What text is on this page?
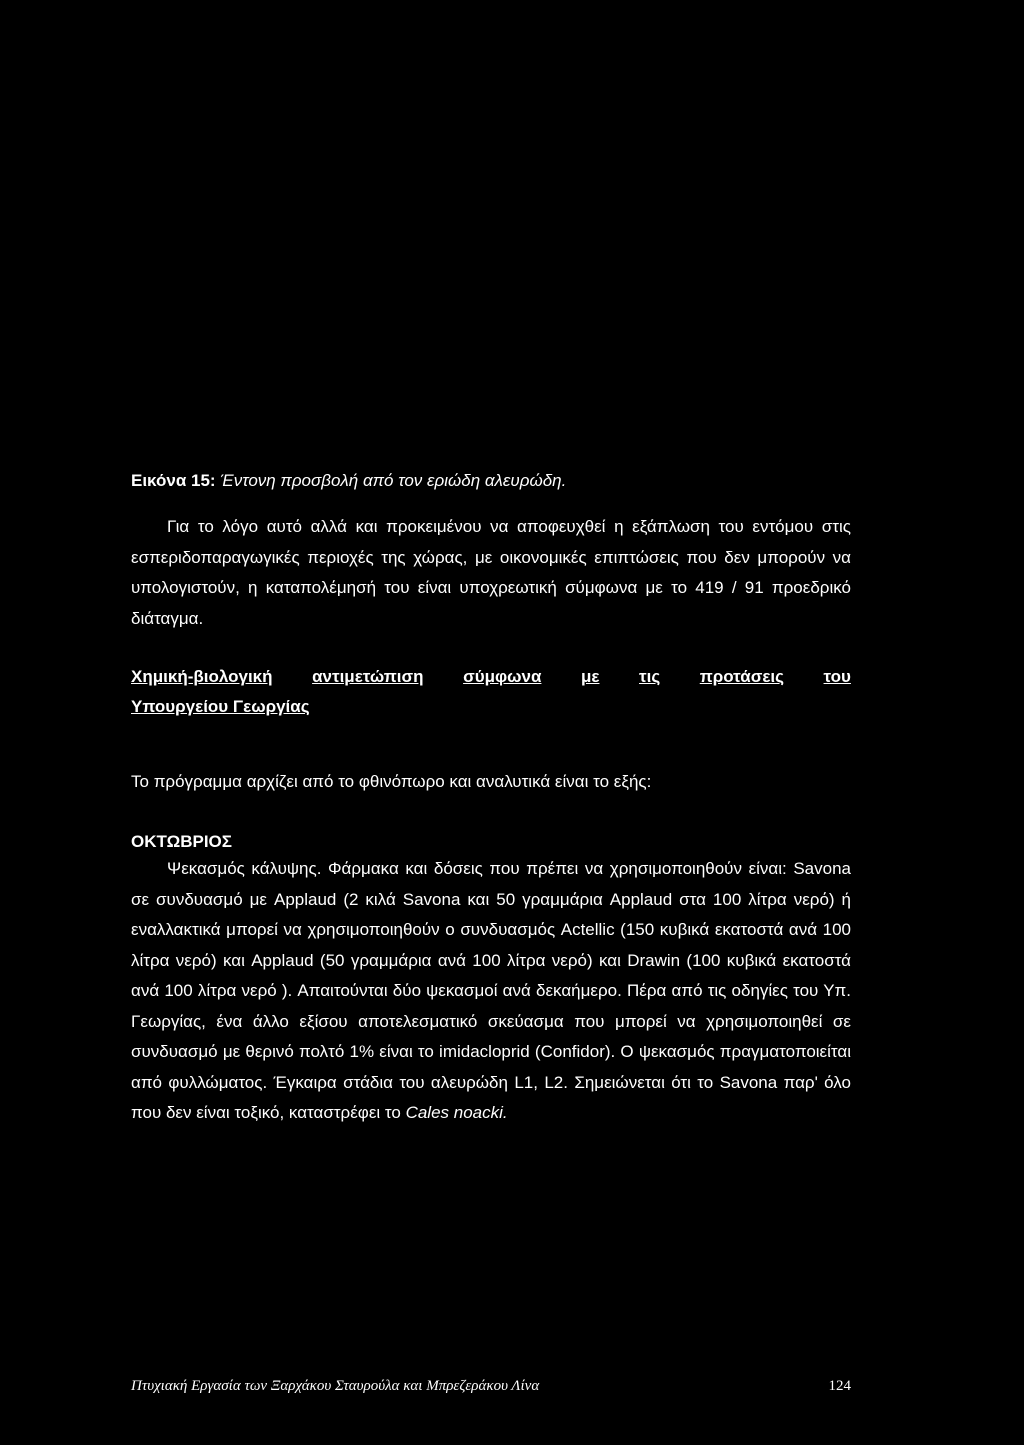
Εικόνα 15: Έντονη προσβολή από τον εριώδη αλευρώδη.

Για το λόγο αυτό αλλά και προκειμένου να αποφευχθεί η εξάπλωση του εντόμου στις εσπεριδοπαραγωγικές περιοχές της χώρας, με οικονομικές επιπτώσεις που δεν μπορούν να υπολογιστούν, η καταπολέμησή του είναι υποχρεωτική σύμφωνα με το 419 / 91 προεδρικό διάταγμα.

Χημική-βιολογική αντιμετώπιση σύμφωνα με τις προτάσεις του
Υπουργείου Γεωργίας
Το πρόγραμμα αρχίζει από το φθινόπωρο και αναλυτικά είναι το εξής:
ΟΚΤΩΒΡΙΟΣ

Ψεκασμός κάλυψης. Φάρμακα και δόσεις που πρέπει να χρησιμοποιηθούν είναι: Savona σε συνδυασμό με Applaud (2 κιλά Savona και 50 γραμμάρια Applaud στα 100 λίτρα νερό) ή εναλλακτικά μπορεί να χρησιμοποιηθούν ο συνδυασμός Actellic (150 κυβικά εκατοστά ανά 100 λίτρα νερό) και Applaud (50 γραμμάρια ανά 100 λίτρα νερό) και Drawin (100 κυβικά εκατοστά ανά 100 λίτρα νερό ). Απαιτούνται δύο ψεκασμοί ανά δεκαήμερο. Πέρα από τις οδηγίες του Υπ. Γεωργίας, ένα άλλο εξίσου αποτελεσματικό σκεύασμα που μπορεί να χρησιμοποιηθεί σε συνδυασμό με θερινό πολτό 1% είναι το imidacloprid (Confidor). Ο ψεκασμός πραγματοποιείται από φυλλώματος. Έγκαιρα στάδια του αλευρώδη L1, L2. Σημειώνεται ότι το Savona παρ' όλο που δεν είναι τοξικό, καταστρέφει το Cales noacki.

Πτυχιακή Εργασία των Ξαρχάκου Σταυρούλα και Μπρεζεράκου Λίνα	124
